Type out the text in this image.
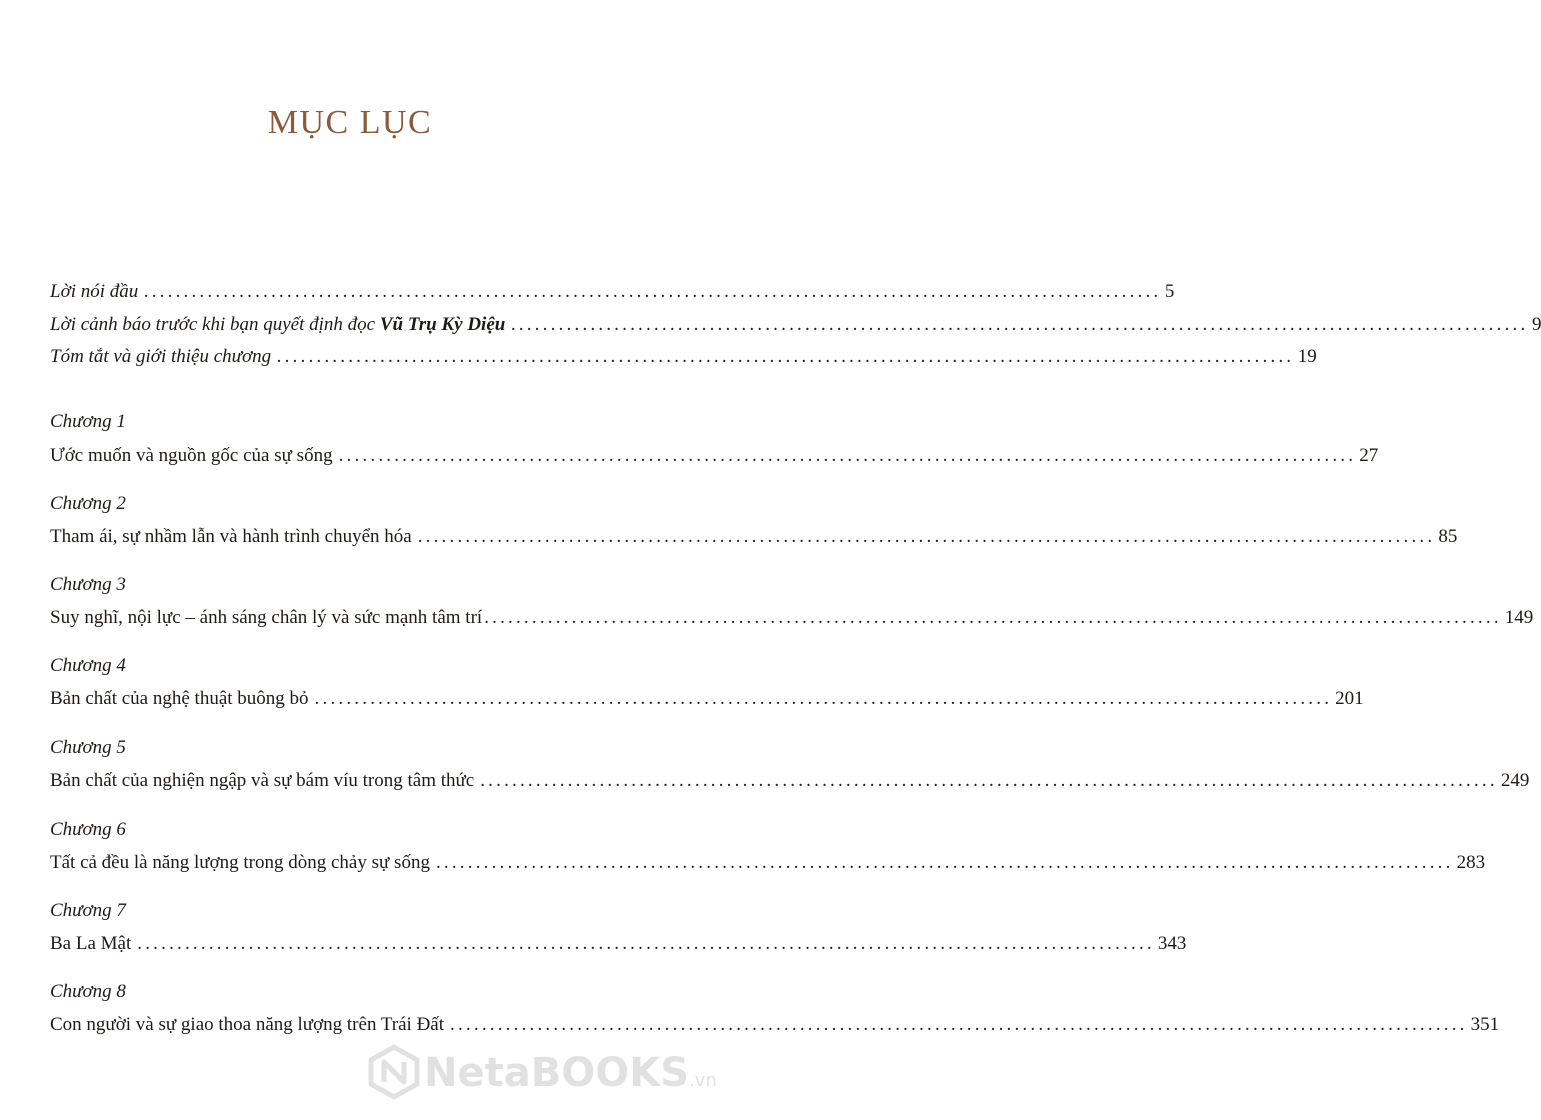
MỤC LỤC
Lời nói đầu .....	5
Lời cảnh báo trước khi bạn quyết định đọc Vũ Trụ Kỳ Diệu .....	9
Tóm tắt và giới thiệu chương .....	19
Chương 1
Ước muốn và nguồn gốc của sự sống .....	27
Chương 2
Tham ái, sự nhầm lẫn và hành trình chuyển hóa .....	85
Chương 3
Suy nghĩ, nội lực – ánh sáng chân lý và sức mạnh tâm trí .....	149
Chương 4
Bản chất của nghệ thuật buông bỏ .....	201
Chương 5
Bản chất của nghiện ngập và sự bám víu trong tâm thức .....	249
Chương 6
Tất cả đều là năng lượng trong dòng chảy sự sống .....	283
Chương 7
Ba La Mật .....	343
Chương 8
Con người và sự giao thoa năng lượng trên Trái Đất .....	351
NetaBOOKS.vn
